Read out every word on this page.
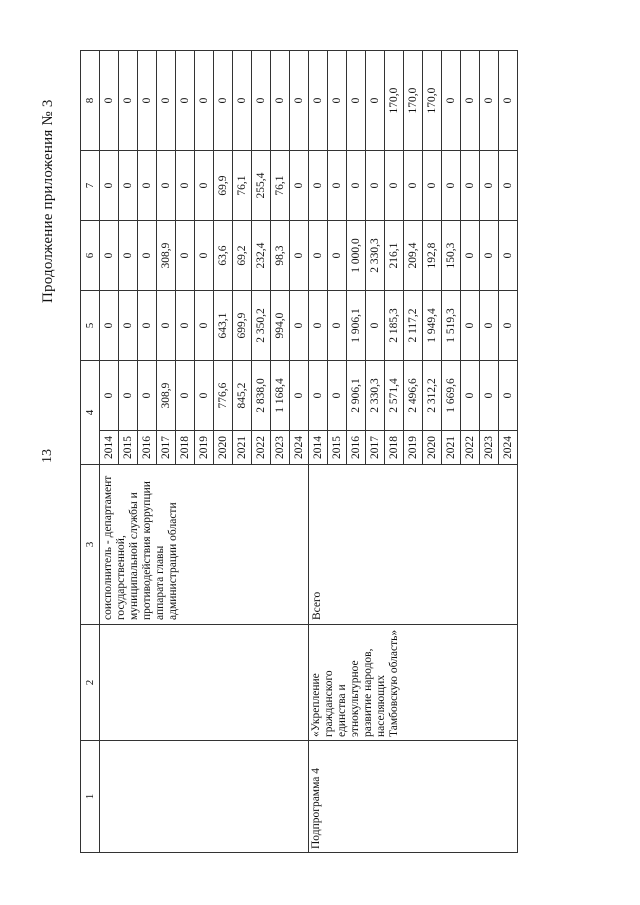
13
Продолжение приложения № 3
1	2	3	4		5	6	7	8
		соисполнитель - департамент государственной, муниципальной службы и противодействия коррупции аппарата главы администрации области	2014	0	0	0	0	0
			2015	0	0	0	0	0
			2016	0	0	0	0	0
			2017	308,9	0	308,9	0	0
			2018	0	0	0	0	0
			2019	0	0	0	0	0
			2020	776,6	643,1	63,6	69,9	0
			2021	845,2	699,9	69,2	76,1	0
			2022	2 838,0	2 350,2	232,4	255,4	0
			2023	1 168,4	994,0	98,3	76,1	0
			2024	0	0	0	0	0
Подпрограмма 4	«Укрепление гражданского единства и этнокультурное развитие народов, населяющих Тамбовскую область»	Всего	2014	0	0	0	0	0
			2015	0	0	0	0	0
			2016	2 906,1	1 906,1	1 000,0	0	0
			2017	2 330,3	0	2 330,3	0	0
			2018	2 571,4	2 185,3	216,1	0	170,0
			2019	2 496,6	2 117,2	209,4	0	170,0
			2020	2 312,2	1 949,4	192,8	0	170,0
			2021	1 669,6	1 519,3	150,3	0	0
			2022	0	0	0	0	0
			2023	0	0	0	0	0
			2024	0	0	0	0	0
